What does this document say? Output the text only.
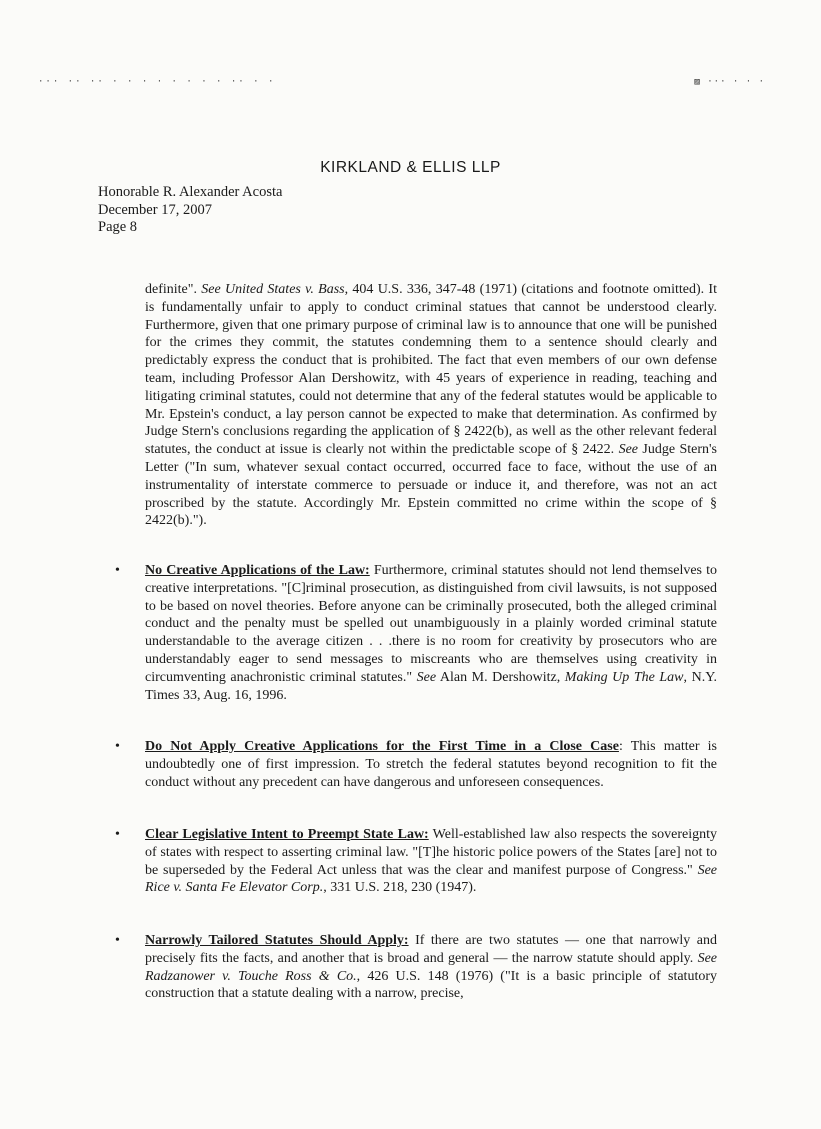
··· ·· ·· · · · · · · · · ·· · ·	▨ ··· · · ·
KIRKLAND & ELLIS LLP
Honorable R. Alexander Acosta
December 17, 2007
Page 8

definite". See United States v. Bass, 404 U.S. 336, 347-48 (1971) (citations and footnote omitted). It is fundamentally unfair to apply to conduct criminal statues that cannot be understood clearly. Furthermore, given that one primary purpose of criminal law is to announce that one will be punished for the crimes they commit, the statutes condemning them to a sentence should clearly and predictably express the conduct that is prohibited. The fact that even members of our own defense team, including Professor Alan Dershowitz, with 45 years of experience in reading, teaching and litigating criminal statutes, could not determine that any of the federal statutes would be applicable to Mr. Epstein's conduct, a lay person cannot be expected to make that determination. As confirmed by Judge Stern's conclusions regarding the application of § 2422(b), as well as the other relevant federal statutes, the conduct at issue is clearly not within the predictable scope of § 2422. See Judge Stern's Letter ("In sum, whatever sexual contact occurred, occurred face to face, without the use of an instrumentality of interstate commerce to persuade or induce it, and therefore, was not an act proscribed by the statute. Accordingly Mr. Epstein committed no crime within the scope of § 2422(b).").

• No Creative Applications of the Law: Furthermore, criminal statutes should not lend themselves to creative interpretations. "[C]riminal prosecution, as distinguished from civil lawsuits, is not supposed to be based on novel theories. Before anyone can be criminally prosecuted, both the alleged criminal conduct and the penalty must be spelled out unambiguously in a plainly worded criminal statute understandable to the average citizen . . .there is no room for creativity by prosecutors who are understandably eager to send messages to miscreants who are themselves using creativity in circumventing anachronistic criminal statutes." See Alan M. Dershowitz, Making Up The Law, N.Y. Times 33, Aug. 16, 1996.

• Do Not Apply Creative Applications for the First Time in a Close Case: This matter is undoubtedly one of first impression. To stretch the federal statutes beyond recognition to fit the conduct without any precedent can have dangerous and unforeseen consequences.

• Clear Legislative Intent to Preempt State Law: Well-established law also respects the sovereignty of states with respect to asserting criminal law. "[T]he historic police powers of the States [are] not to be superseded by the Federal Act unless that was the clear and manifest purpose of Congress." See Rice v. Santa Fe Elevator Corp., 331 U.S. 218, 230 (1947).

• Narrowly Tailored Statutes Should Apply: If there are two statutes — one that narrowly and precisely fits the facts, and another that is broad and general — the narrow statute should apply. See Radzanower v. Touche Ross & Co., 426 U.S. 148 (1976) ("It is a basic principle of statutory construction that a statute dealing with a narrow, precise,
